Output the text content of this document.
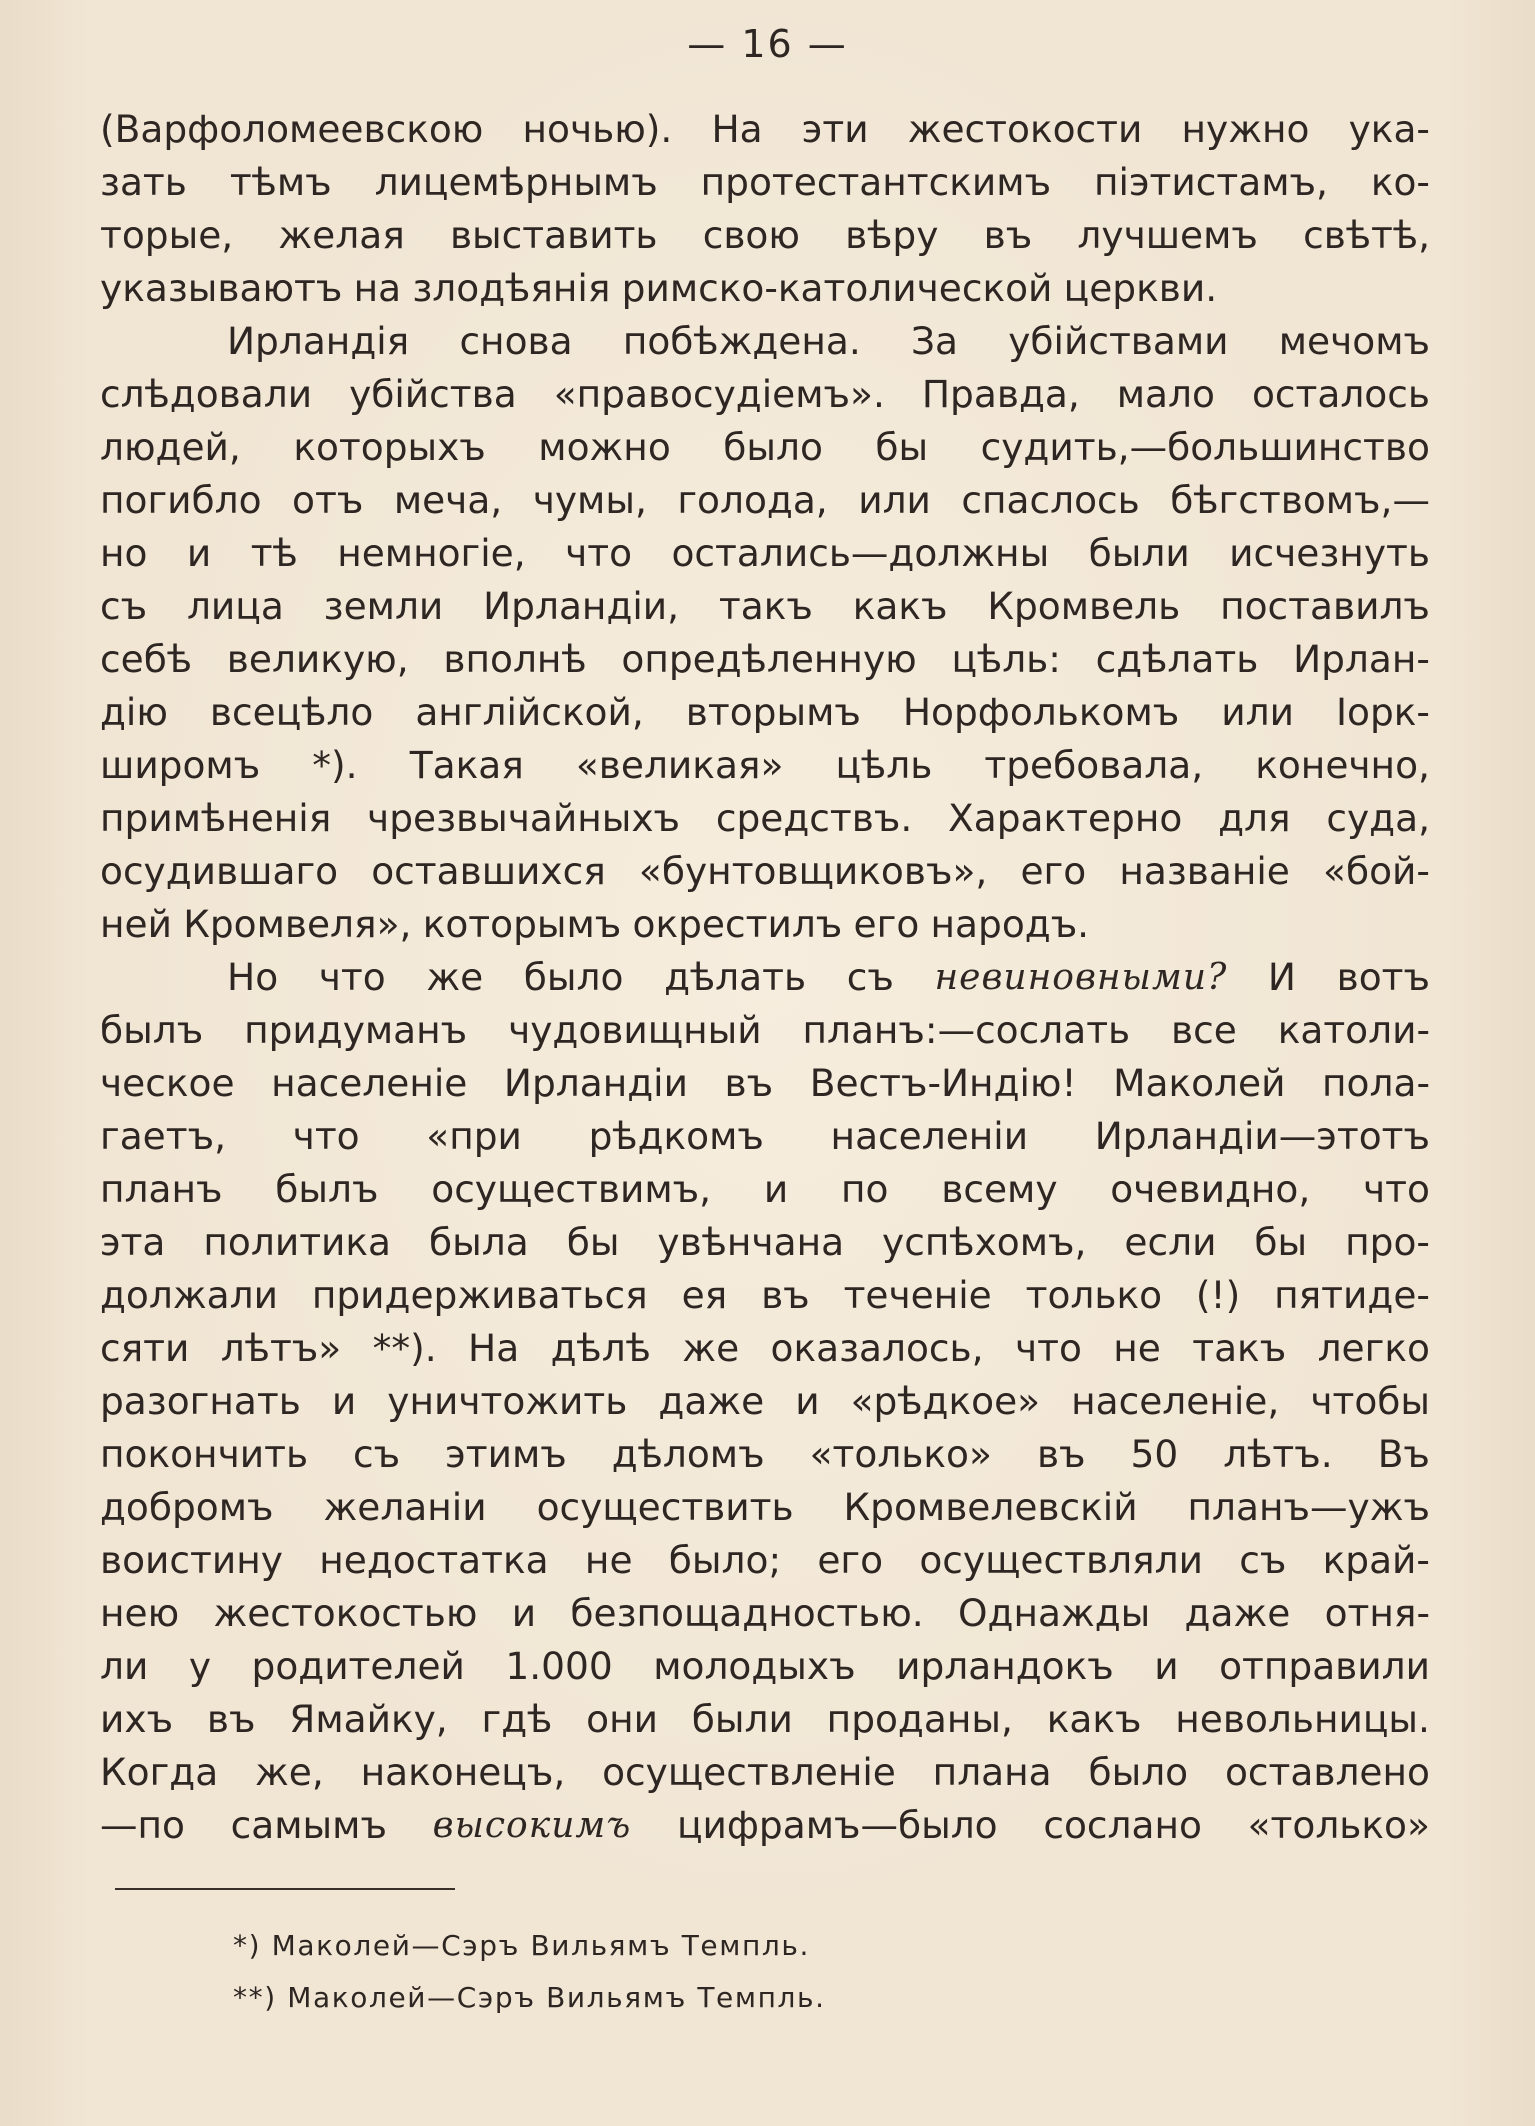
— 16 —
(Варфоломеевскою ночью). На эти жестокости нужно ука-
зать тѣмъ лицемѣрнымъ протестантскимъ піэтистамъ, ко-
торые, желая выставить свою вѣру въ лучшемъ свѣтѣ,
указываютъ на злодѣянія римско-католической церкви.
Ирландія снова побѣждена. За убійствами мечомъ
слѣдовали убійства «правосудіемъ». Правда, мало осталось
людей, которыхъ можно было бы судить,—большинство
погибло отъ меча, чумы, голода, или спаслось бѣгствомъ,—
но и тѣ немногіе, что остались—должны были исчезнуть
съ лица земли Ирландіи, такъ какъ Кромвель поставилъ
себѣ великую, вполнѣ опредѣленную цѣль: сдѣлать Ирлан-
дію всецѣло англійской, вторымъ Норфолькомъ или Іорк-
широмъ *). Такая «великая» цѣль требовала, конечно,
примѣненія чрезвычайныхъ средствъ. Характерно для суда,
осудившаго оставшихся «бунтовщиковъ», его названіе «бой-
ней Кромвеля», которымъ окрестилъ его народъ.
Но что же было дѣлать съ невиновными? И вотъ
былъ придуманъ чудовищный планъ:—сослать все католи-
ческое населеніе Ирландіи въ Вестъ-Индію! Маколей пола-
гаетъ, что «при рѣдкомъ населеніи Ирландіи—этотъ
планъ былъ осуществимъ, и по всему очевидно, что
эта политика была бы увѣнчана успѣхомъ, если бы про-
должали придерживаться ея въ теченіе только (!) пятиде-
сяти лѣтъ» **). На дѣлѣ же оказалось, что не такъ легко
разогнать и уничтожить даже и «рѣдкое» населеніе, чтобы
покончить съ этимъ дѣломъ «только» въ 50 лѣтъ. Въ
добромъ желаніи осуществить Кромвелевскій планъ—ужъ
воистину недостатка не было; его осуществляли съ край-
нею жестокостью и безпощадностью. Однажды даже отня-
ли у родителей 1.000 молодыхъ ирландокъ и отправили
ихъ въ Ямайку, гдѣ они были проданы, какъ невольницы.
Когда же, наконецъ, осуществленіе плана было оставлено
—по самымъ высокимъ цифрамъ—было сослано «только»
*) Маколей—Сэръ Вильямъ Темпль.
**) Маколей—Сэръ Вильямъ Темпль.
